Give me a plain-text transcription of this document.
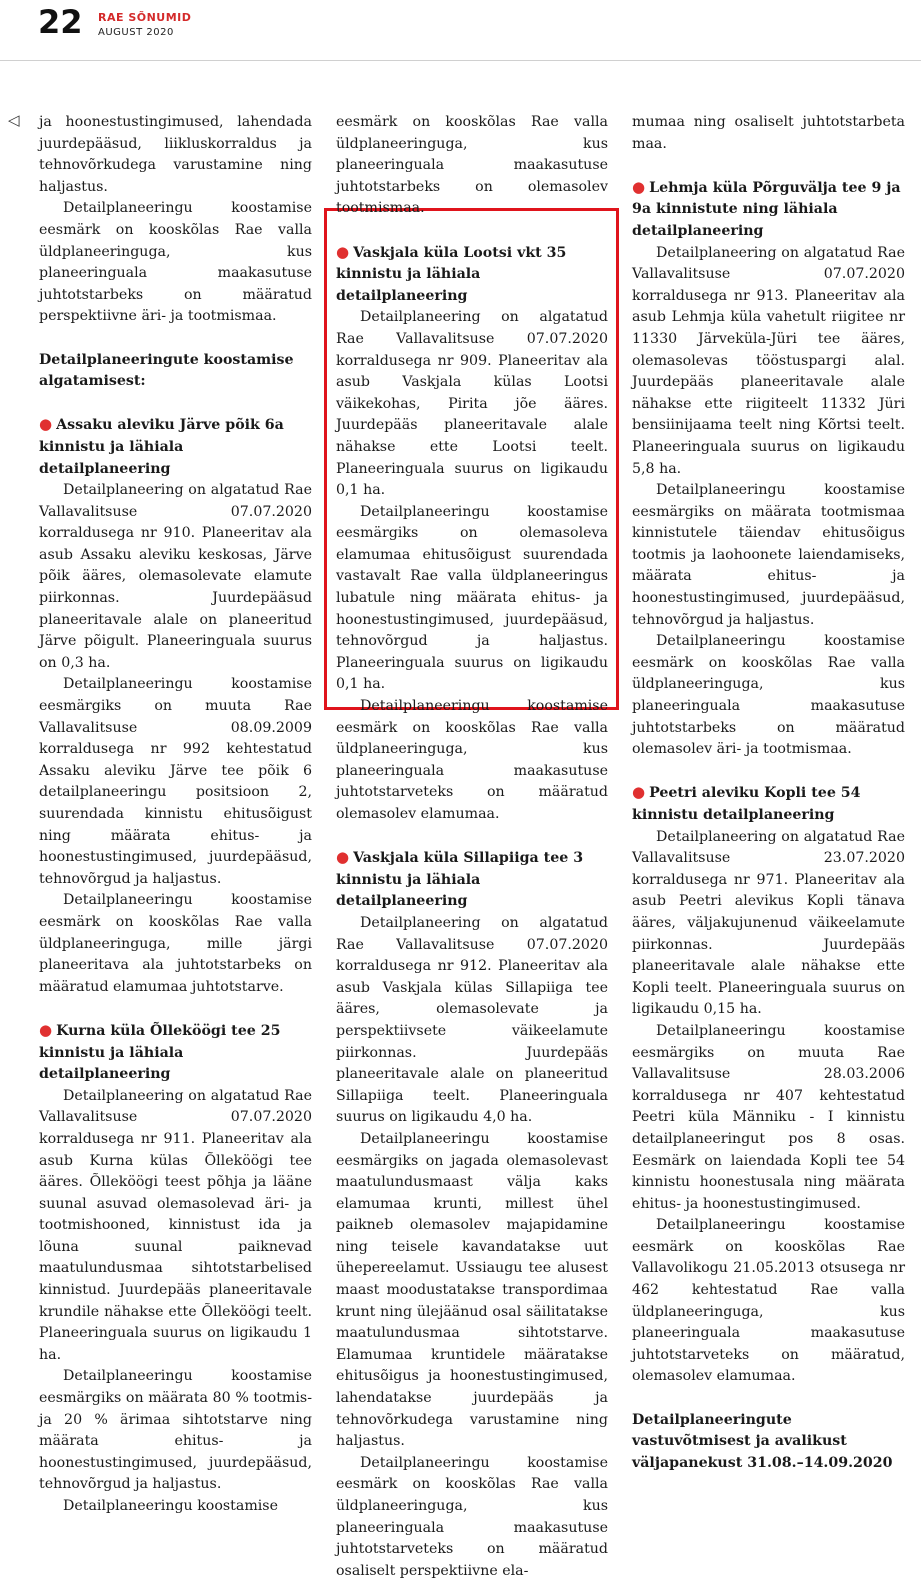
22 RAE SÕNUMID
AUGUST 2020
◁ ja hoonestustingimused, lahendada juurdepääsud, liikluskorraldus ja tehnovõrkudega varustamine ning haljastus.

Detailplaneeringu koostamise eesmärk on kooskõlas Rae valla üldplaneeringuga, kus planeeringuala maakasutuse juhtotstarbeks on määratud perspektiivne äri- ja tootmismaa.

Detailplaneeringute koostamise algatamisest:

● Assaku aleviku Järve põik 6a kinnistu ja lähiala detailplaneering

Detailplaneering on algatatud Rae Vallavalitsuse 07.07.2020 korraldusega nr 910. Planeeritav ala asub Assaku aleviku keskosas, Järve põik ääres, olemasolevate elamute piirkonnas. Juurdepääsud planeeritavale alale on planeeritud Järve põigult. Planeeringuala suurus on 0,3 ha.

Detailplaneeringu koostamise eesmärgiks on muuta Rae Vallavalitsuse 08.09.2009 korraldusega nr 992 kehtestatud Assaku aleviku Järve tee põik 6 detailplaneeringu positsioon 2, suurendada kinnistu ehitusõigust ning määrata ehitus- ja hoonestustingimused, juurdepääsud, tehnovõrgud ja haljastus.

Detailplaneeringu koostamise eesmärk on kooskõlas Rae valla üldplaneeringuga, mille järgi planeeritava ala juhtotstarbeks on määratud elamumaa juhtotstarve.

● Kurna küla Õlleköögi tee 25 kinnistu ja lähiala detailplaneering

Detailplaneering on algatatud Rae Vallavalitsuse 07.07.2020 korraldusega nr 911. Planeeritav ala asub Kurna külas Õlleköögi tee ääres. Õlleköögi teest põhja ja lääne suunal asuvad olemasolevad äri- ja tootmishooned, kinnistust ida ja lõuna suunal paiknevad maatulundusmaa sihtotstarbelised kinnistud. Juurdepääs planeeritavale krundile nähakse ette Õlleköögi teelt. Planeeringuala suurus on ligikaudu 1 ha.

Detailplaneeringu koostamise eesmärgiks on määrata 80 % tootmis- ja 20 % ärimaa sihtotstarve ning määrata ehitus- ja hoonestustingimused, juurdepääsud, tehnovõrgud ja haljastus.

Detailplaneeringu koostamise

eesmärk on kooskõlas Rae valla üldplaneeringuga, kus planeeringuala maakasutuse juhtotstarbeks on olemasolev tootmismaa.

● Vaskjala küla Lootsi vkt 35 kinnistu ja lähiala detailplaneering

Detailplaneering on algatatud Rae Vallavalitsuse 07.07.2020 korraldusega nr 909. Planeeritav ala asub Vaskjala külas Lootsi väikekohas, Pirita jõe ääres. Juurdepääs planeeritavale alale nähakse ette Lootsi teelt. Planeeringuala suurus on ligikaudu 0,1 ha.

Detailplaneeringu koostamise eesmärgiks on olemasoleva elamumaa ehitusõigust suurendada vastavalt Rae valla üldplaneeringus lubatule ning määrata ehitus- ja hoonestustingimused, juurdepääsud, tehnovõrgud ja haljastus. Planeeringuala suurus on ligikaudu 0,1 ha.

Detailplaneeringu koostamise eesmärk on kooskõlas Rae valla üldplaneeringuga, kus planeeringuala maakasutuse juhtotstarveteks on määratud olemasolev elamumaa.

● Vaskjala küla Sillapiiga tee 3 kinnistu ja lähiala detailplaneering

Detailplaneering on algatatud Rae Vallavalitsuse 07.07.2020 korraldusega nr 912. Planeeritav ala asub Vaskjala külas Sillapiiga tee ääres, olemasolevate ja perspektiivsete väikeelamute piirkonnas. Juurdepääs planeeritavale alale on planeeritud Sillapiiga teelt. Planeeringuala suurus on ligikaudu 4,0 ha.

Detailplaneeringu koostamise eesmärgiks on jagada olemasolevast maatulundusmaast välja kaks elamumaa krunti, millest ühel paikneb olemasolev majapidamine ning teisele kavandatakse uut ühepereelamut. Ussiaugu tee alusest maast moodustatakse transpordimaa krunt ning ülejäänud osal säilitatakse maatulundusmaa sihtotstarve. Elamumaa kruntidele määratakse ehitusõigus ja hoonestustingimused, lahendatakse juurdepääs ja tehnovõrkudega varustamine ning haljastus.

Detailplaneeringu koostamise eesmärk on kooskõlas Rae valla üldplaneeringuga, kus planeeringuala maakasutuse juhtotstarveteks on määratud osaliselt perspektiivne ela-

mumaa ning osaliselt juhtotstarbeta maa.

● Lehmja küla Põrguvälja tee 9 ja 9a kinnistute ning lähiala detailplaneering

Detailplaneering on algatatud Rae Vallavalitsuse 07.07.2020 korraldusega nr 913. Planeeritav ala asub Lehmja küla vahetult riigitee nr 11330 Järveküla-Jüri tee ääres, olemasolevas tööstuspargi alal. Juurdepääs planeeritavale alale nähakse ette riigiteelt 11332 Jüri bensiinijaama teelt ning Kõrtsi teelt. Planeeringuala suurus on ligikaudu 5,8 ha.

Detailplaneeringu koostamise eesmärgiks on määrata tootmismaa kinnistutele täiendav ehitusõigus tootmis ja laohoonete laiendamiseks, määrata ehitus- ja hoonestustingimused, juurdepääsud, tehnovõrgud ja haljastus.

Detailplaneeringu koostamise eesmärk on kooskõlas Rae valla üldplaneeringuga, kus planeeringuala maakasutuse juhtotstarbeks on määratud olemasolev äri- ja tootmismaa.

● Peetri aleviku Kopli tee 54 kinnistu detailplaneering

Detailplaneering on algatatud Rae Vallavalitsuse 23.07.2020 korraldusega nr 971. Planeeritav ala asub Peetri alevikus Kopli tänava ääres, väljakujunenud väikeelamute piirkonnas. Juurdepääs planeeritavale alale nähakse ette Kopli teelt. Planeeringuala suurus on ligikaudu 0,15 ha.

Detailplaneeringu koostamise eesmärgiks on muuta Rae Vallavalitsuse 28.03.2006 korraldusega nr 407 kehtestatud Peetri küla Männiku - I kinnistu detailplaneeringut pos 8 osas. Eesmärk on laiendada Kopli tee 54 kinnistu hoonestusala ning määrata ehitus- ja hoonestustingimused.

Detailplaneeringu koostamise eesmärk on kooskõlas Rae Vallavolikogu 21.05.2013 otsusega nr 462 kehtestatud Rae valla üldplaneeringuga, kus planeeringuala maakasutuse juhtotstarveteks on määratud, olemasolev elamumaa.

Detailplaneeringute vastuvõtmisest ja avalikust väljapanekust 31.08.–14.09.2020
